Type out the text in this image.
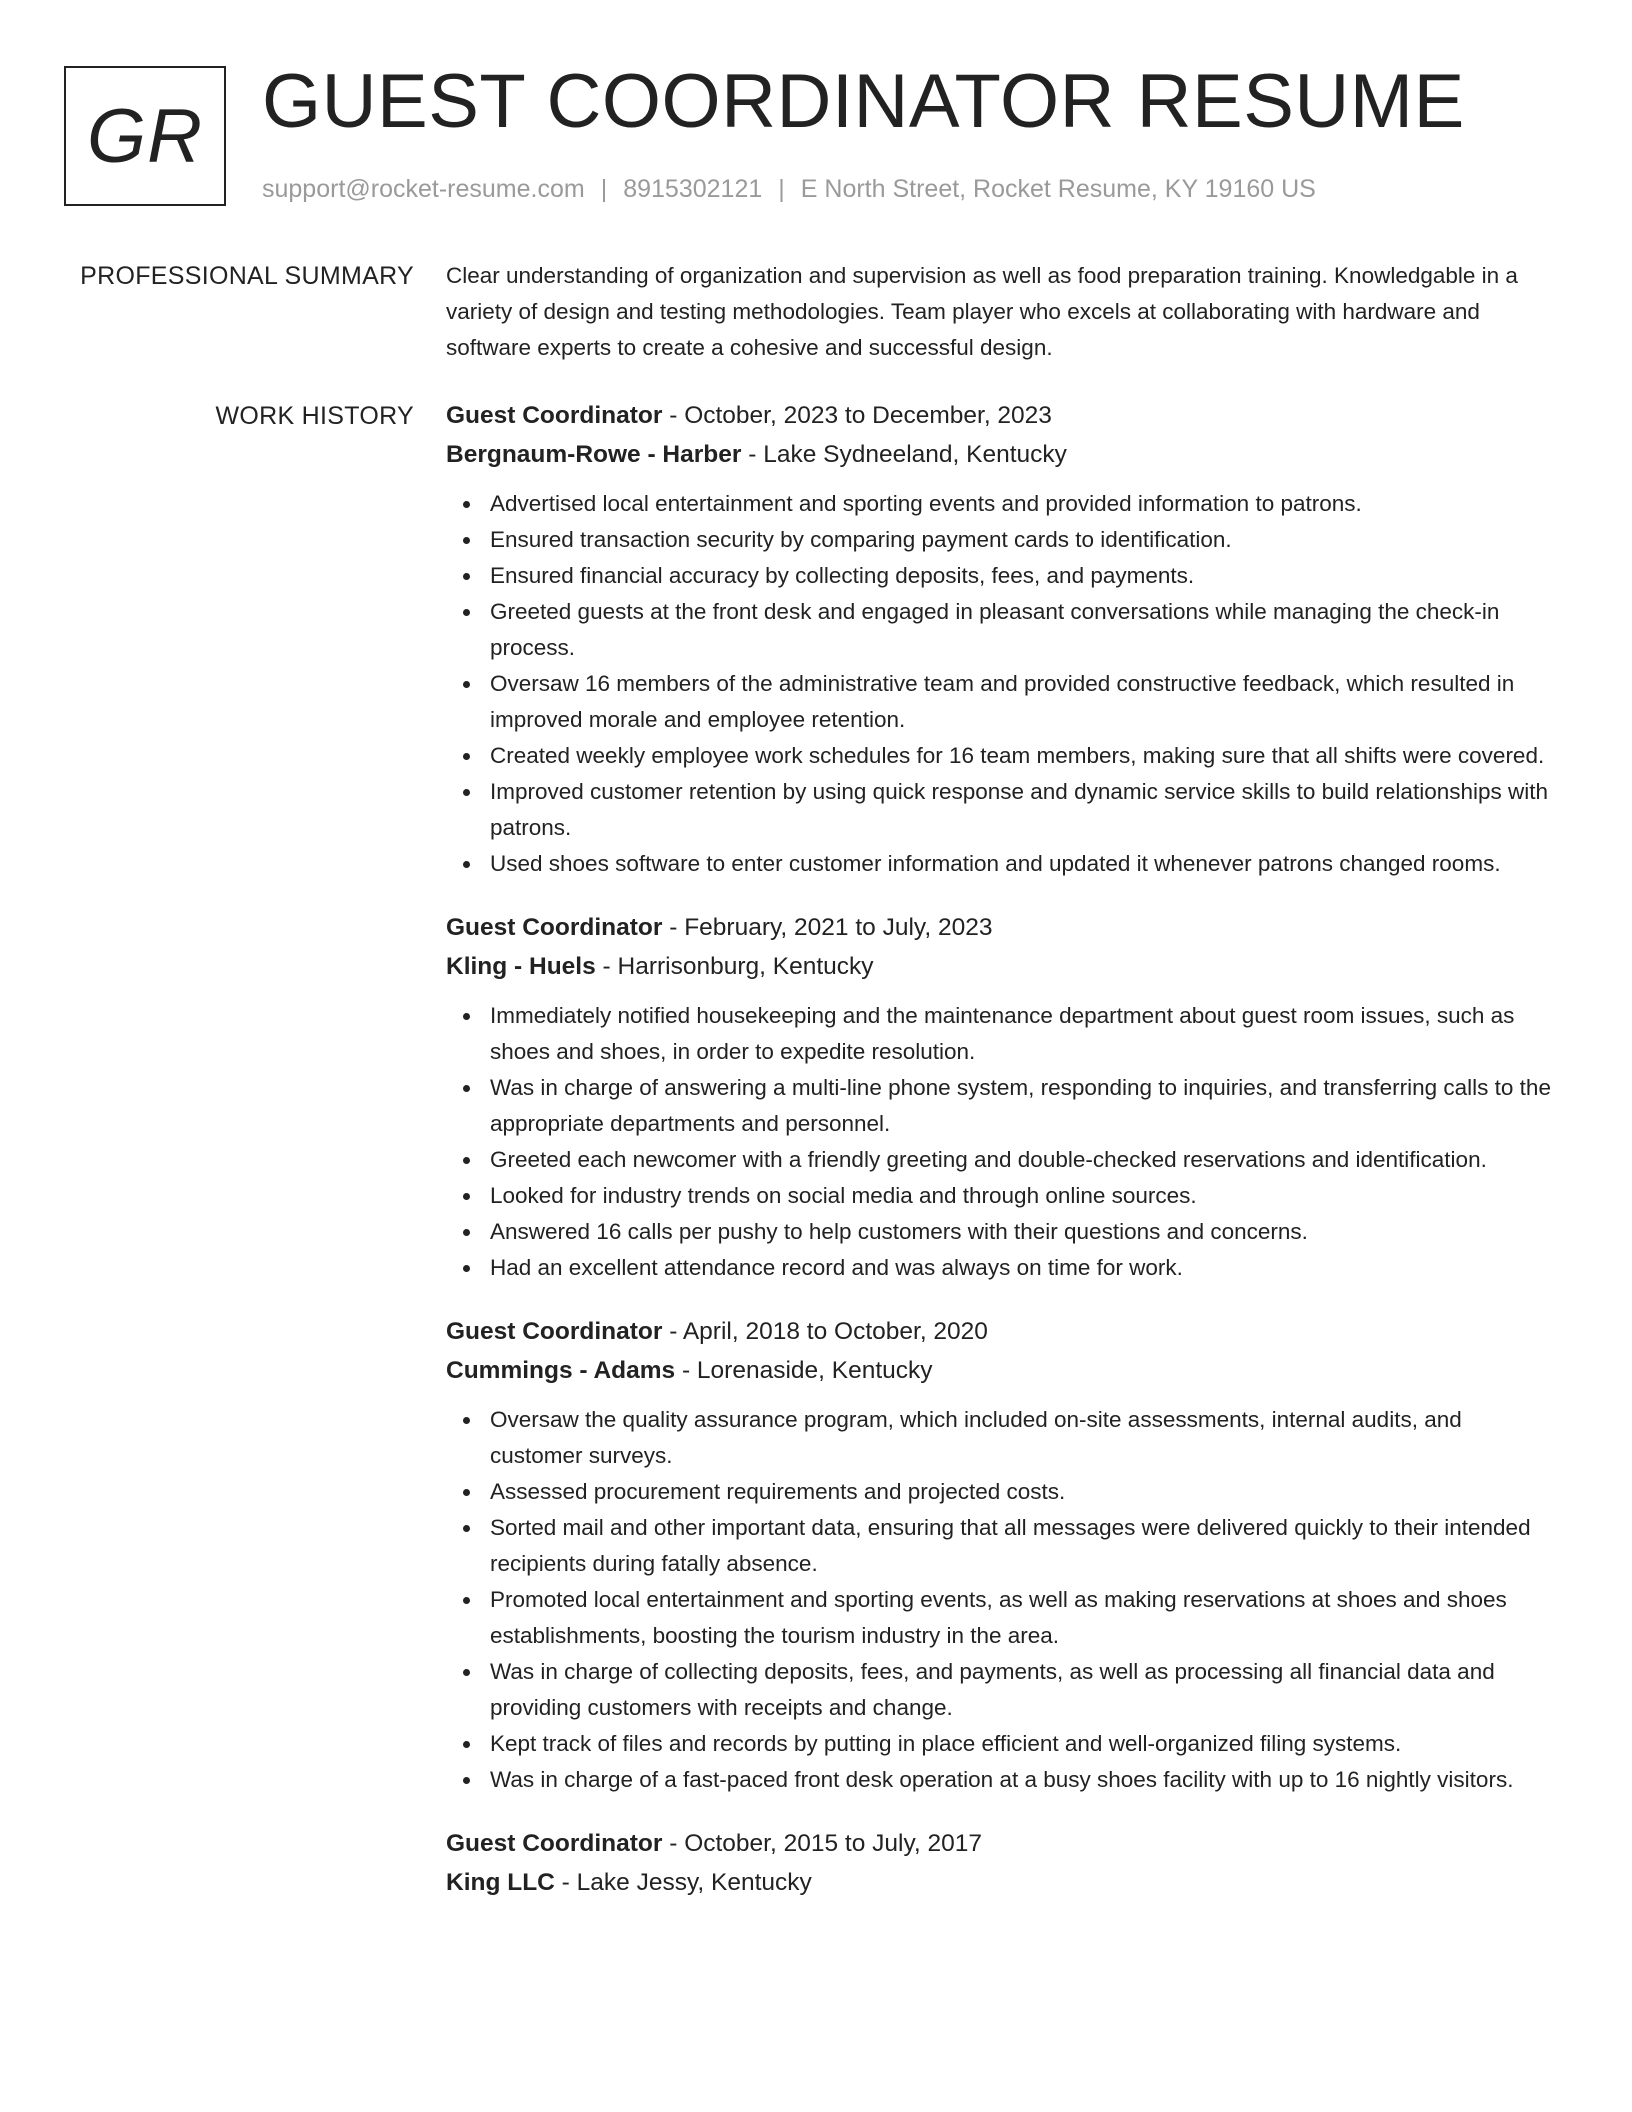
GR GUEST COORDINATOR RESUME
support@rocket-resume.com | 8915302121 | E North Street, Rocket Resume, KY 19160 US
PROFESSIONAL SUMMARY Clear understanding of organization and supervision as well as food preparation training. Knowledgable in a variety of design and testing methodologies. Team player who excels at collaborating with hardware and software experts to create a cohesive and successful design.

WORK HISTORY Guest Coordinator - October, 2023 to December, 2023
Bergnaum-Rowe - Harber - Lake Sydneeland, Kentucky
Advertised local entertainment and sporting events and provided information to patrons.
Ensured transaction security by comparing payment cards to identification.
Ensured financial accuracy by collecting deposits, fees, and payments.
Greeted guests at the front desk and engaged in pleasant conversations while managing the check-in process.
Oversaw 16 members of the administrative team and provided constructive feedback, which resulted in improved morale and employee retention.
Created weekly employee work schedules for 16 team members, making sure that all shifts were covered.
Improved customer retention by using quick response and dynamic service skills to build relationships with patrons.
Used shoes software to enter customer information and updated it whenever patrons changed rooms.
Guest Coordinator - February, 2021 to July, 2023
Kling - Huels - Harrisonburg, Kentucky
Immediately notified housekeeping and the maintenance department about guest room issues, such as shoes and shoes, in order to expedite resolution.
Was in charge of answering a multi-line phone system, responding to inquiries, and transferring calls to the appropriate departments and personnel.
Greeted each newcomer with a friendly greeting and double-checked reservations and identification.
Looked for industry trends on social media and through online sources.
Answered 16 calls per pushy to help customers with their questions and concerns.
Had an excellent attendance record and was always on time for work.
Guest Coordinator - April, 2018 to October, 2020
Cummings - Adams - Lorenaside, Kentucky
Oversaw the quality assurance program, which included on-site assessments, internal audits, and customer surveys.
Assessed procurement requirements and projected costs.
Sorted mail and other important data, ensuring that all messages were delivered quickly to their intended recipients during fatally absence.
Promoted local entertainment and sporting events, as well as making reservations at shoes and shoes establishments, boosting the tourism industry in the area.
Was in charge of collecting deposits, fees, and payments, as well as processing all financial data and providing customers with receipts and change.
Kept track of files and records by putting in place efficient and well-organized filing systems.
Was in charge of a fast-paced front desk operation at a busy shoes facility with up to 16 nightly visitors.
Guest Coordinator - October, 2015 to July, 2017
King LLC - Lake Jessy, Kentucky
